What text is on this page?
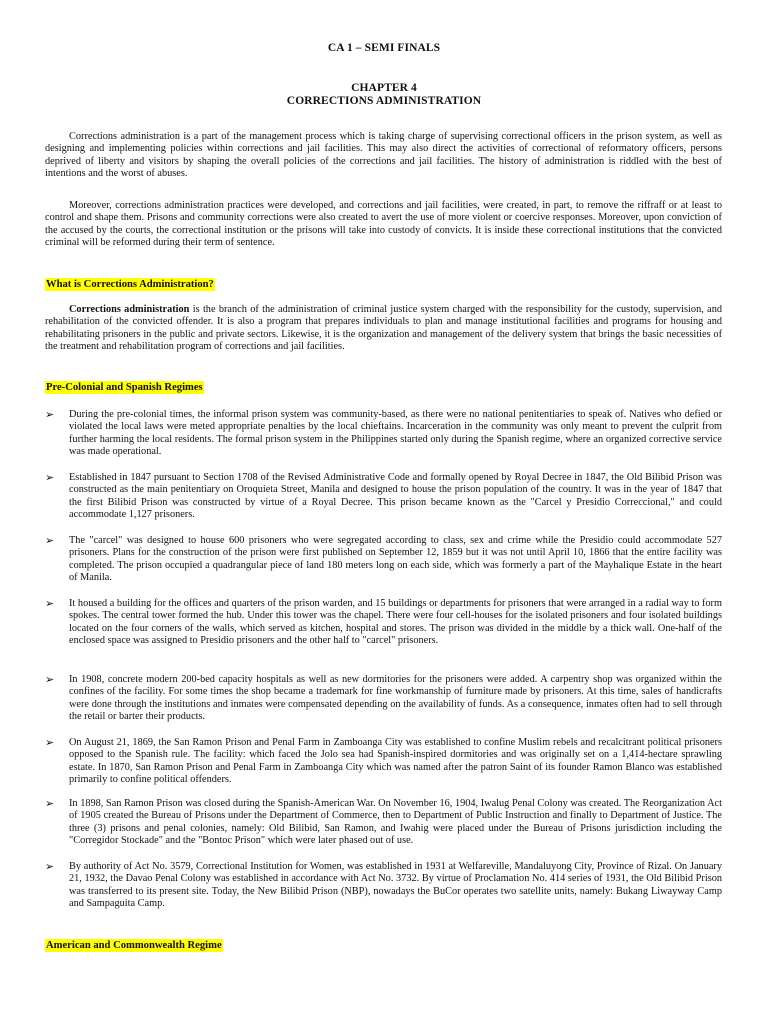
CA 1 – SEMI FINALS
CHAPTER 4
CORRECTIONS ADMINISTRATION
Corrections administration is a part of the management process which is taking charge of supervising correctional officers in the prison system, as well as designing and implementing policies within corrections and jail facilities. This may also direct the activities of correctional of reformatory officers, persons deprived of liberty and visitors by shaping the overall policies of the corrections and jail facilities. The history of administration is riddled with the best of intentions and the worst of abuses.
Moreover, corrections administration practices were developed, and corrections and jail facilities, were created, in part, to remove the riffraff or at least to control and shape them. Prisons and community corrections were also created to avert the use of more violent or coercive responses. Moreover, upon conviction of the accused by the courts, the correctional institution or the prisons will take into custody of convicts. It is inside these correctional institutions that the convicted criminal will be reformed during their term of sentence.
What is Corrections Administration?
Corrections administration is the branch of the administration of criminal justice system charged with the responsibility for the custody, supervision, and rehabilitation of the convicted offender. It is also a program that prepares individuals to plan and manage institutional facilities and programs for housing and rehabilitating prisoners in the public and private sectors. Likewise, it is the organization and management of the delivery system that brings the basic necessities of the treatment and rehabilitation program of corrections and jail facilities.
Pre-Colonial and Spanish Regimes
➢ During the pre-colonial times, the informal prison system was community-based, as there were no national penitentiaries to speak of. Natives who defied or violated the local laws were meted appropriate penalties by the local chieftains. Incarceration in the community was only meant to prevent the culprit from further harming the local residents. The formal prison system in the Philippines started only during the Spanish regime, where an organized corrective service was made operational.
➢ Established in 1847 pursuant to Section 1708 of the Revised Administrative Code and formally opened by Royal Decree in 1847, the Old Bilibid Prison was constructed as the main penitentiary on Oroquieta Street, Manila and designed to house the prison population of the country. It was in the year of 1847 that the first Bilibid Prison was constructed by virtue of a Royal Decree. This prison became known as the "Carcel y Presidio Correccional," and could accommodate 1,127 prisoners.
➢ The "carcel" was designed to house 600 prisoners who were segregated according to class, sex and crime while the Presidio could accommodate 527 prisoners. Plans for the construction of the prison were first published on September 12, 1859 but it was not until April 10, 1866 that the entire facility was completed. The prison occupied a quadrangular piece of land 180 meters long on each side, which was formerly a part of the Mayhalique Estate in the heart of Manila.
➢ It housed a building for the offices and quarters of the prison warden, and 15 buildings or departments for prisoners that were arranged in a radial way to form spokes. The central tower formed the hub. Under this tower was the chapel. There were four cell-houses for the isolated prisoners and four isolated buildings located on the four corners of the walls, which served as kitchen, hospital and stores. The prison was divided in the middle by a thick wall. One-half of the enclosed space was assigned to Presidio prisoners and the other half to "carcel" prisoners.
➢ In 1908, concrete modern 200-bed capacity hospitals as well as new dormitories for the prisoners were added. A carpentry shop was organized within the confines of the facility. For some times the shop became a trademark for fine workmanship of furniture made by prisoners. At this time, sales of handicrafts were done through the institutions and inmates were compensated depending on the availability of funds. As a consequence, inmates often had to sell through the retail or barter their products.
➢ On August 21, 1869, the San Ramon Prison and Penal Farm in Zamboanga City was established to confine Muslim rebels and recalcitrant political prisoners opposed to the Spanish rule. The facility: which faced the Jolo sea had Spanish-inspired dormitories and was originally set on a 1,414-hectare sprawling estate. In 1870, San Ramon Prison and Penal Farm in Zamboanga City which was named after the patron Saint of its founder Ramon Blanco was established primarily to confine political offenders.
➢ In 1898, San Ramon Prison was closed during the Spanish-American War. On November 16, 1904, Iwalug Penal Colony was created. The Reorganization Act of 1905 created the Bureau of Prisons under the Department of Commerce, then to Department of Public Instruction and finally to Department of Justice. The three (3) prisons and penal colonies, namely: Old Bilibid, San Ramon, and Iwahig were placed under the Bureau of Prisons jurisdiction including the "Corregidor Stockade" and the "Bontoc Prison" which were later phased out of use.
➢ By authority of Act No. 3579, Correctional Institution for Women, was established in 1931 at Welfareville, Mandaluyong City, Province of Rizal. On January 21, 1932, the Davao Penal Colony was established in accordance with Act No. 3732. By virtue of Proclamation No. 414 series of 1931, the Old Bilibid Prison was transferred to its present site. Today, the New Bilibid Prison (NBP), nowadays the BuCor operates two satellite units, namely: Bukang Liwayway Camp and Sampaguita Camp.
American and Commonwealth Regime
